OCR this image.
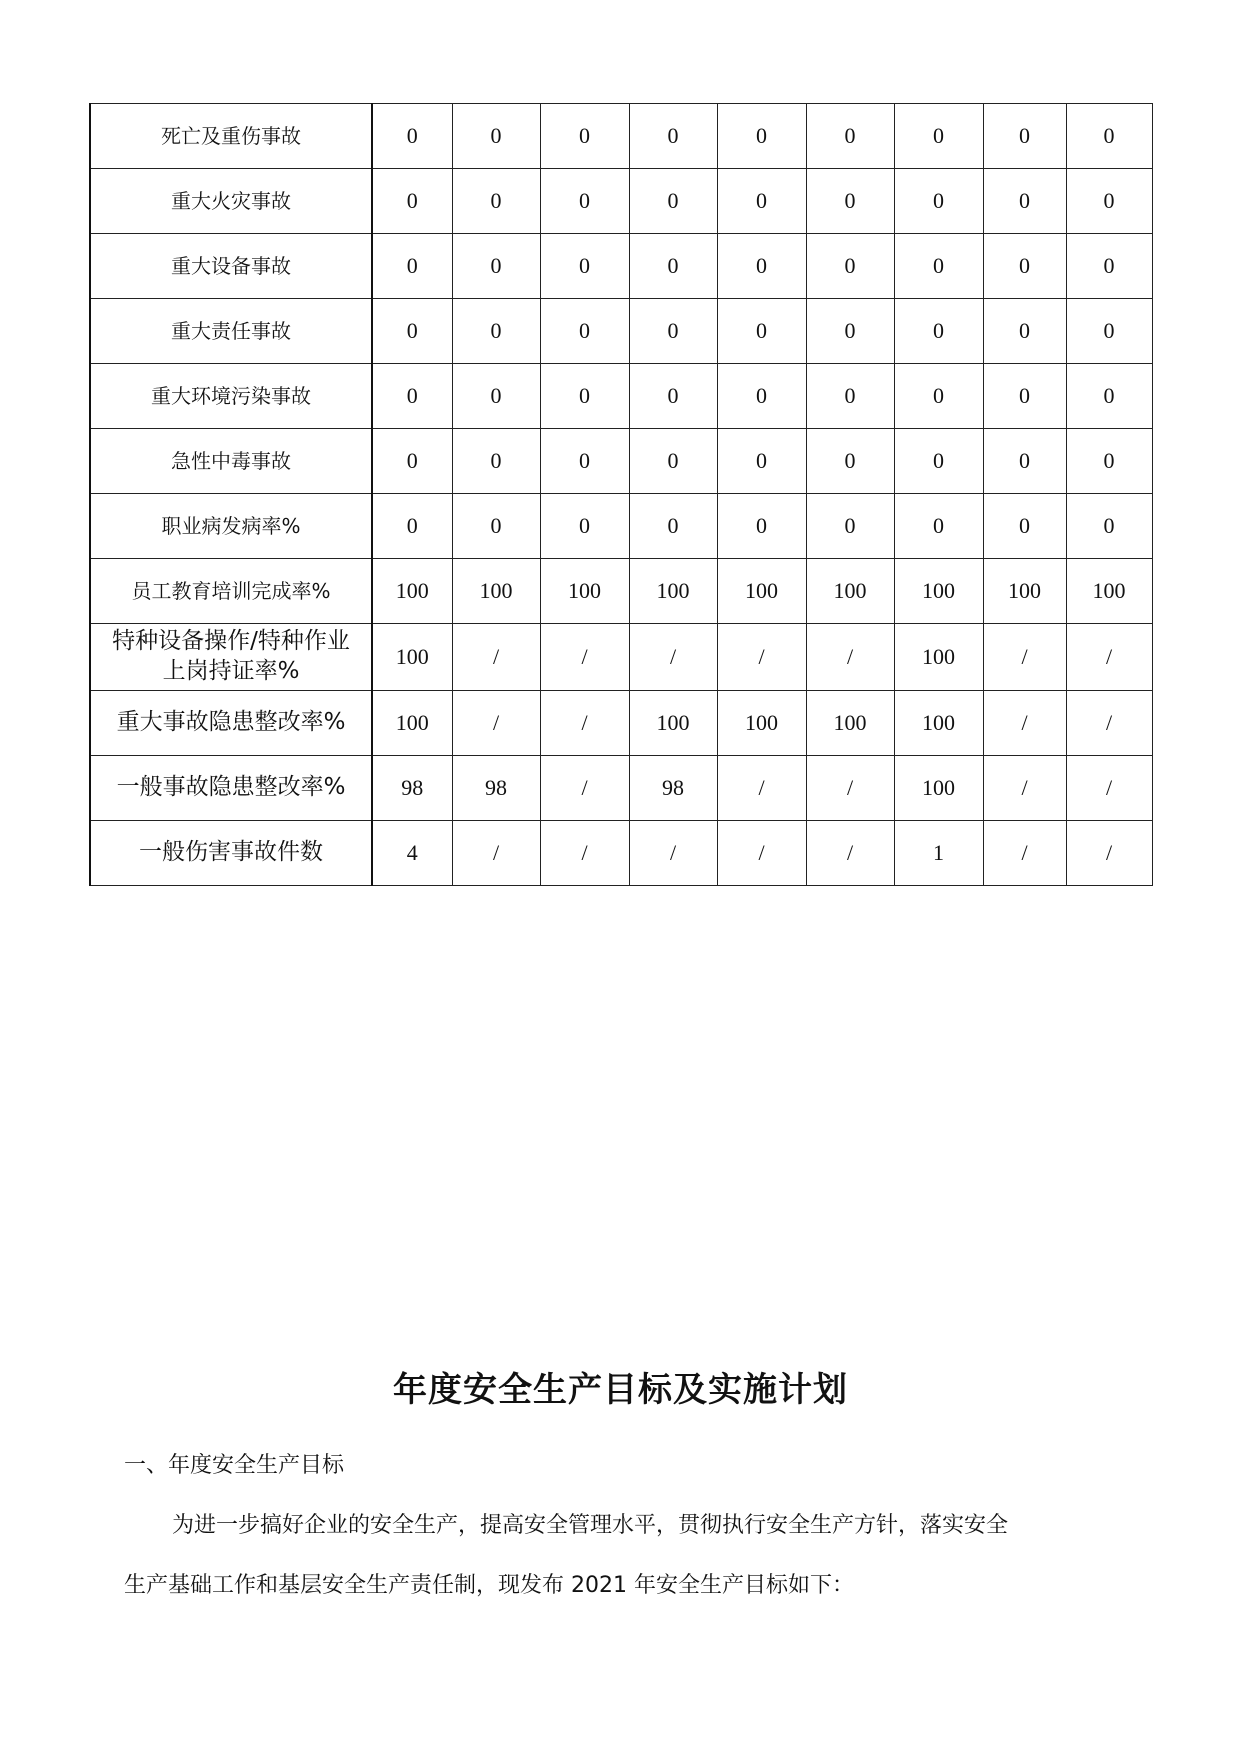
死亡及重伤事故	0	0	0	0	0	0	0	0	0
重大火灾事故	0	0	0	0	0	0	0	0	0
重大设备事故	0	0	0	0	0	0	0	0	0
重大责任事故	0	0	0	0	0	0	0	0	0
重大环境污染事故	0	0	0	0	0	0	0	0	0
急性中毒事故	0	0	0	0	0	0	0	0	0
职业病发病率%	0	0	0	0	0	0	0	0	0
员工教育培训完成率%	100	100	100	100	100	100	100	100	100

特种设备操作/特种作业
上岗持证率%	100	/	/	/	/	/	100	/	/
重大事故隐患整改率%	100	/	/	100	100	100	100	/	/
一般事故隐患整改率%	98	98	/	98	/	/	100	/	/
一般伤害事故件数	4	/	/	/	/	/	1	/	/
年度安全生产目标及实施计划
一、年度安全生产目标
为进一步搞好企业的安全生产，提高安全管理水平，贯彻执行安全生产方针，落实安全
生产基础工作和基层安全生产责任制，现发布 2021 年安全生产目标如下：
